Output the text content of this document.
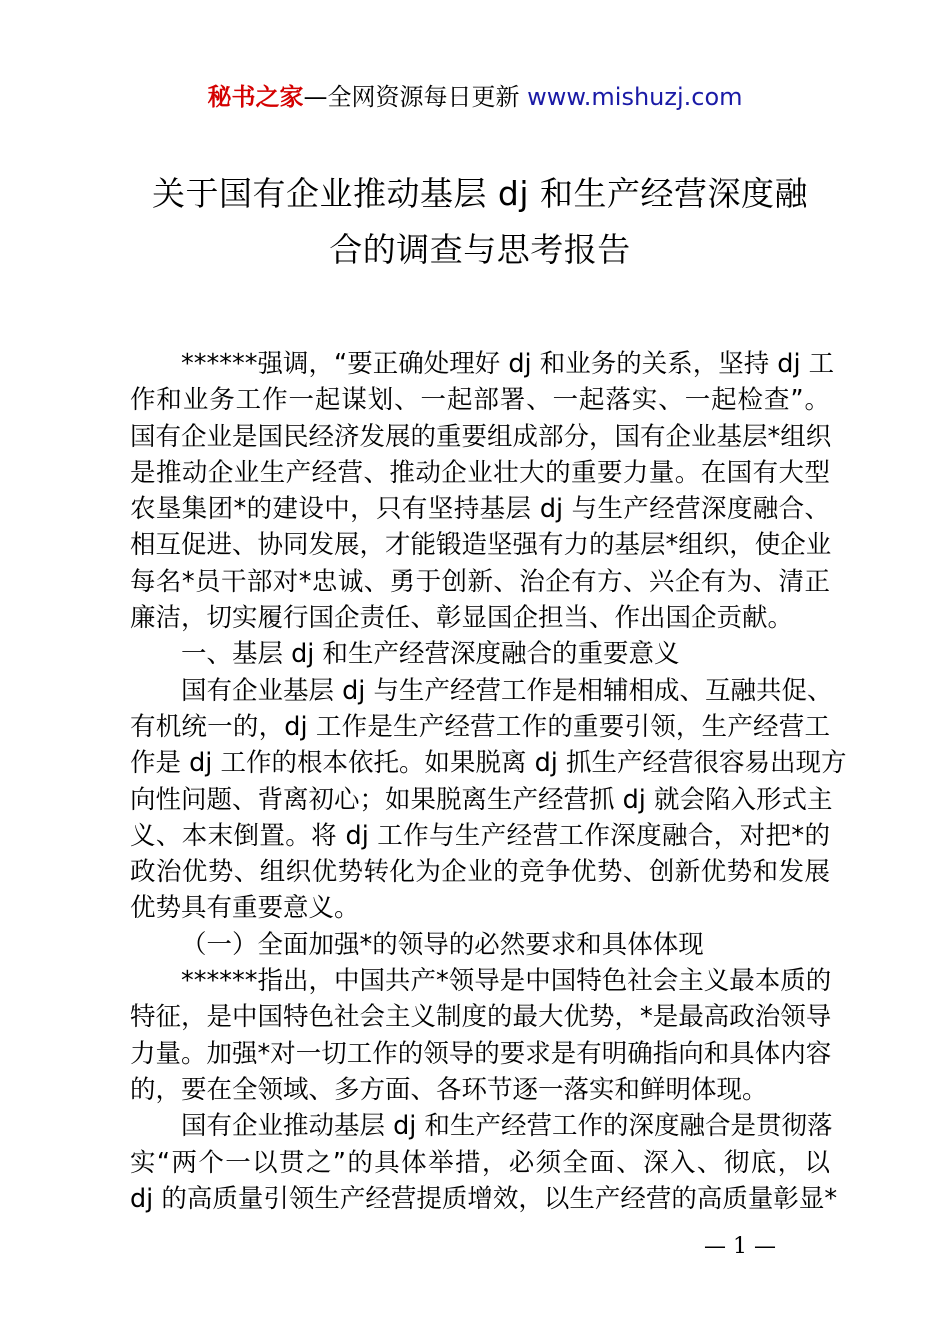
秘书之家—全网资源每日更新 www.mishuzj.com
关于国有企业推动基层 dj 和生产经营深度融
合的调查与思考报告
******强调，“要正确处理好 dj 和业务的关系，坚持 dj 工
作和业务工作一起谋划、一起部署、一起落实、一起检查”。
国有企业是国民经济发展的重要组成部分，国有企业基层*组织
是推动企业生产经营、推动企业壮大的重要力量。在国有大型
农垦集团*的建设中，只有坚持基层 dj 与生产经营深度融合、
相互促进、协同发展，才能锻造坚强有力的基层*组织，使企业
每名*员干部对*忠诚、勇于创新、治企有方、兴企有为、清正
廉洁，切实履行国企责任、彰显国企担当、作出国企贡献。
一、基层 dj 和生产经营深度融合的重要意义
国有企业基层 dj 与生产经营工作是相辅相成、互融共促、
有机统一的，dj 工作是生产经营工作的重要引领，生产经营工
作是 dj 工作的根本依托。如果脱离 dj 抓生产经营很容易出现方
向性问题、背离初心；如果脱离生产经营抓 dj 就会陷入形式主
义、本末倒置。将 dj 工作与生产经营工作深度融合，对把*的
政治优势、组织优势转化为企业的竞争优势、创新优势和发展
优势具有重要意义。
（一）全面加强*的领导的必然要求和具体体现
******指出，中国共产*领导是中国特色社会主义最本质的
特征，是中国特色社会主义制度的最大优势，*是最高政治领导
力量。加强*对一切工作的领导的要求是有明确指向和具体内容
的，要在全领域、多方面、各环节逐一落实和鲜明体现。
国有企业推动基层 dj 和生产经营工作的深度融合是贯彻落
实“两个一以贯之”的具体举措，必须全面、深入、彻底，以
dj 的高质量引领生产经营提质增效，以生产经营的高质量彰显*
— 1 —
